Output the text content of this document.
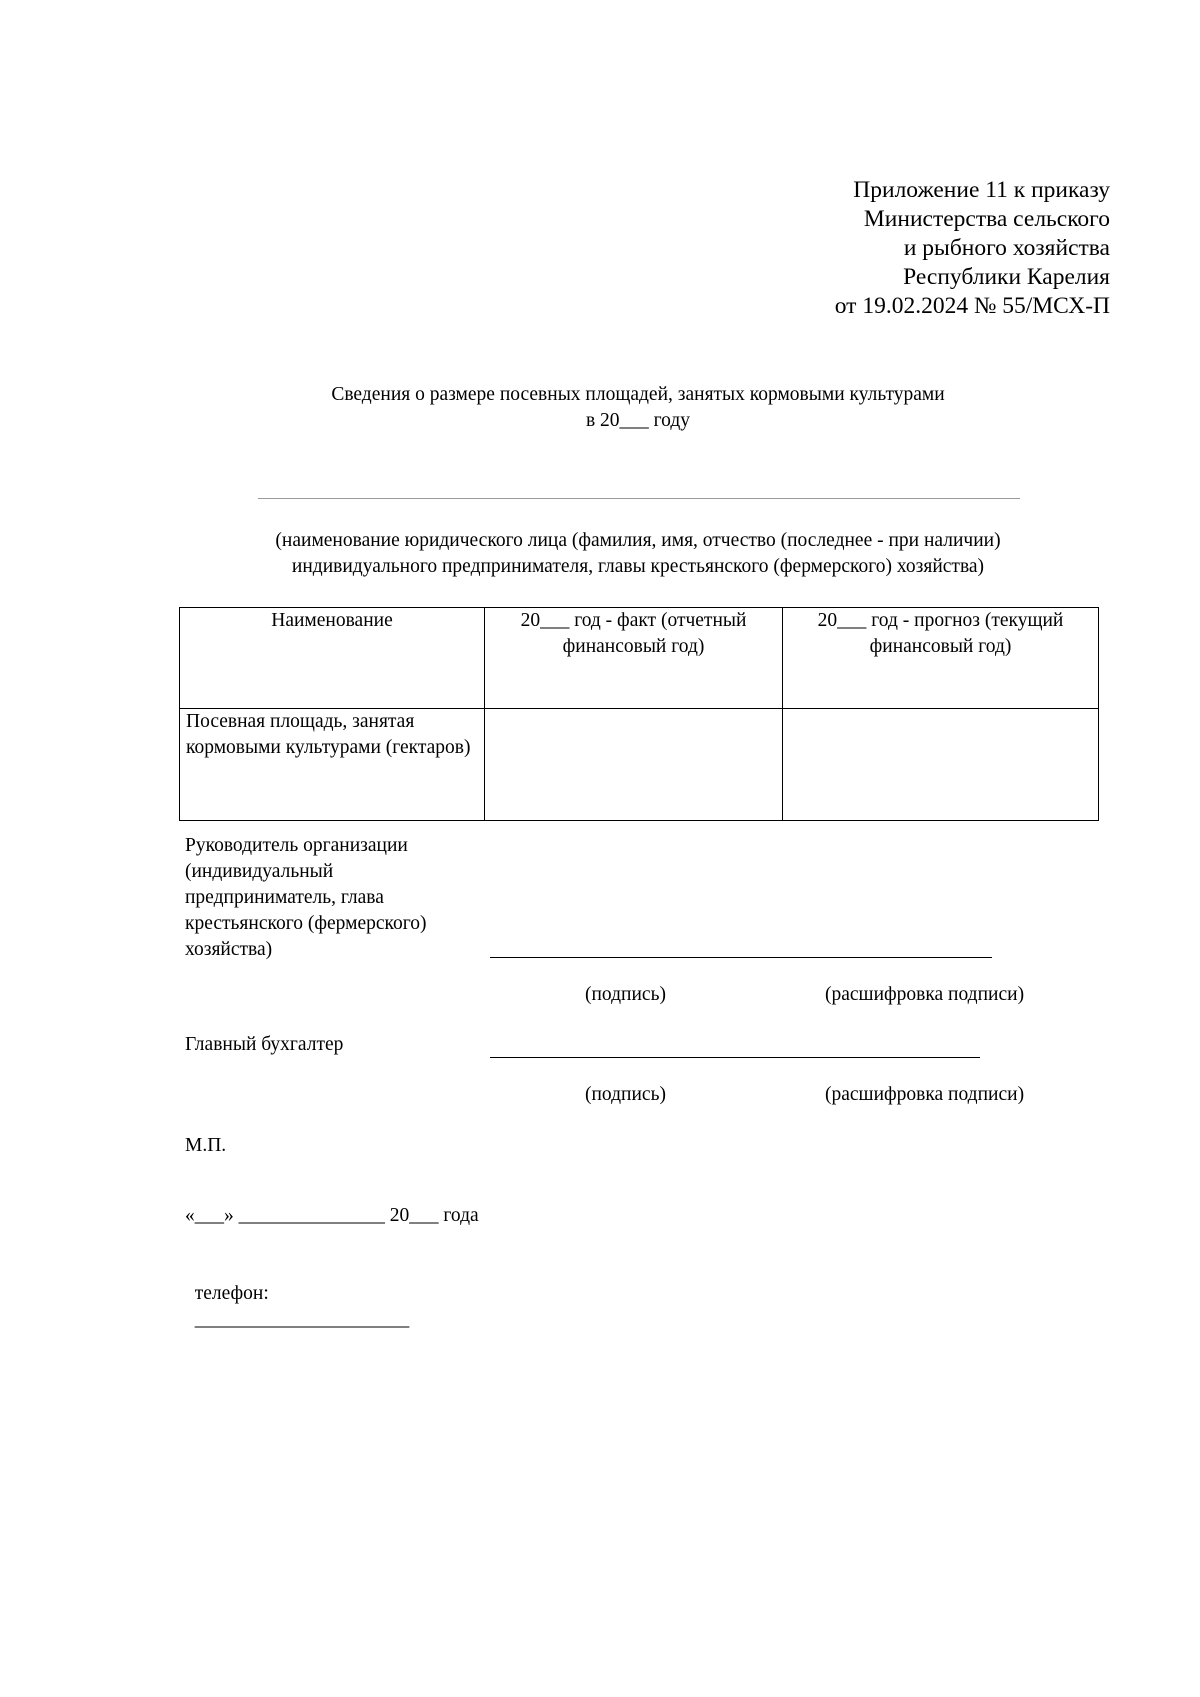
Приложение 11 к приказу
Министерства сельского
и рыбного хозяйства
Республики Карелия
от 19.02.2024 № 55/МСХ-П
Сведения о размере посевных площадей, занятых кормовыми культурами
в 20___ году
(наименование юридического лица (фамилия, имя, отчество (последнее - при наличии)
индивидуального предпринимателя, главы крестьянского (фермерского) хозяйства)
Наименование	20___ год - факт (отчетный финансовый год)	20___ год - прогноз (текущий финансовый год)
Посевная площадь, занятая кормовыми культурами (гектаров)		
Руководитель организации (индивидуальный предприниматель, глава крестьянского (фермерского) хозяйства)
(подпись)	(расшифровка подписи)
Главный бухгалтер
(подпись)	(расшифровка подписи)
М.П.
«___» _______________ 20___ года

телефон:
______________________
